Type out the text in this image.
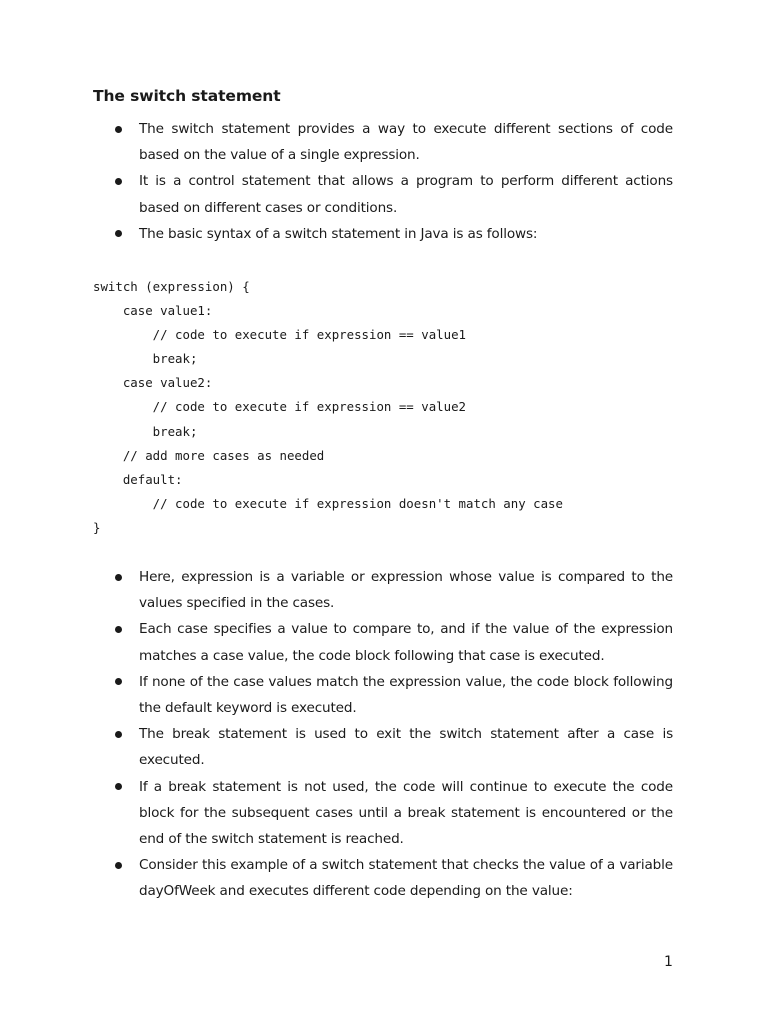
The switch statement
The switch statement provides a way to execute different sections of code based on the value of a single expression.
It is a control statement that allows a program to perform different actions based on different cases or conditions.
The basic syntax of a switch statement in Java is as follows:
switch (expression) {
case value1:
// code to execute if expression == value1
break;
case value2:
// code to execute if expression == value2
break;
// add more cases as needed
default:
// code to execute if expression doesn't match any case
}
Here, expression is a variable or expression whose value is compared to the values specified in the cases.
Each case specifies a value to compare to, and if the value of the expression matches a case value, the code block following that case is executed.
If none of the case values match the expression value, the code block following the default keyword is executed.
The break statement is used to exit the switch statement after a case is executed.
If a break statement is not used, the code will continue to execute the code block for the subsequent cases until a break statement is encountered or the end of the switch statement is reached.
Consider this example of a switch statement that checks the value of a variable dayOfWeek and executes different code depending on the value:
1
